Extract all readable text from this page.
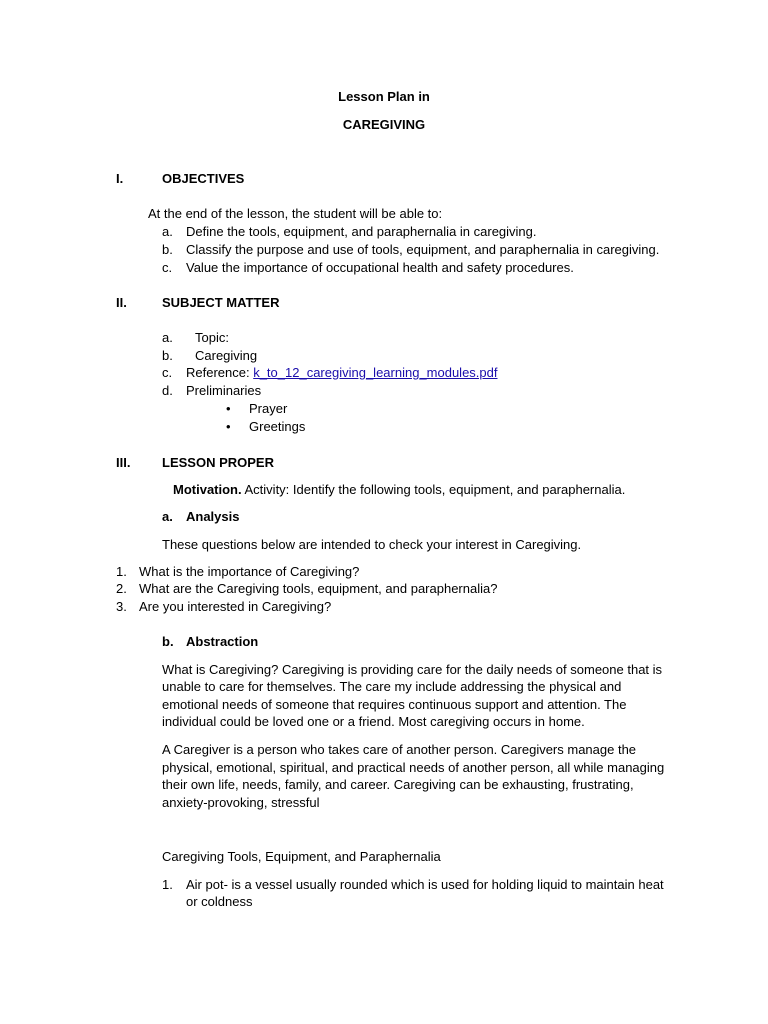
Lesson Plan in
CAREGIVING
I.	OBJECTIVES
At the end of the lesson, the student will be able to:
a. Define the tools, equipment, and paraphernalia in caregiving.
b. Classify the purpose and use of tools, equipment, and paraphernalia in caregiving.
c. Value the importance of occupational health and safety procedures.
II.	SUBJECT MATTER
a. Topic:
b. Caregiving
c. Reference: k_to_12_caregiving_learning_modules.pdf
d. Preliminaries
• Prayer
• Greetings
III. LESSON PROPER
Motivation. Activity: Identify the following tools, equipment, and paraphernalia.
a. Analysis
These questions below are intended to check your interest in Caregiving.
1. What is the importance of Caregiving?
2. What are the Caregiving tools, equipment, and paraphernalia?
3. Are you interested in Caregiving?
b. Abstraction
What is Caregiving? Caregiving is providing care for the daily needs of someone that is
unable to care for themselves. The care my include addressing the physical and
emotional needs of someone that requires continuous support and attention. The
individual could be loved one or a friend. Most caregiving occurs in home.
A Caregiver is a person who takes care of another person. Caregivers manage the
physical, emotional, spiritual, and practical needs of another person, all while managing
their own life, needs, family, and career. Caregiving can be exhausting, frustrating,
anxiety-provoking, stressful
Caregiving Tools, Equipment, and Paraphernalia
1. Air pot- is a vessel usually rounded which is used for holding liquid to maintain heat
or coldness
